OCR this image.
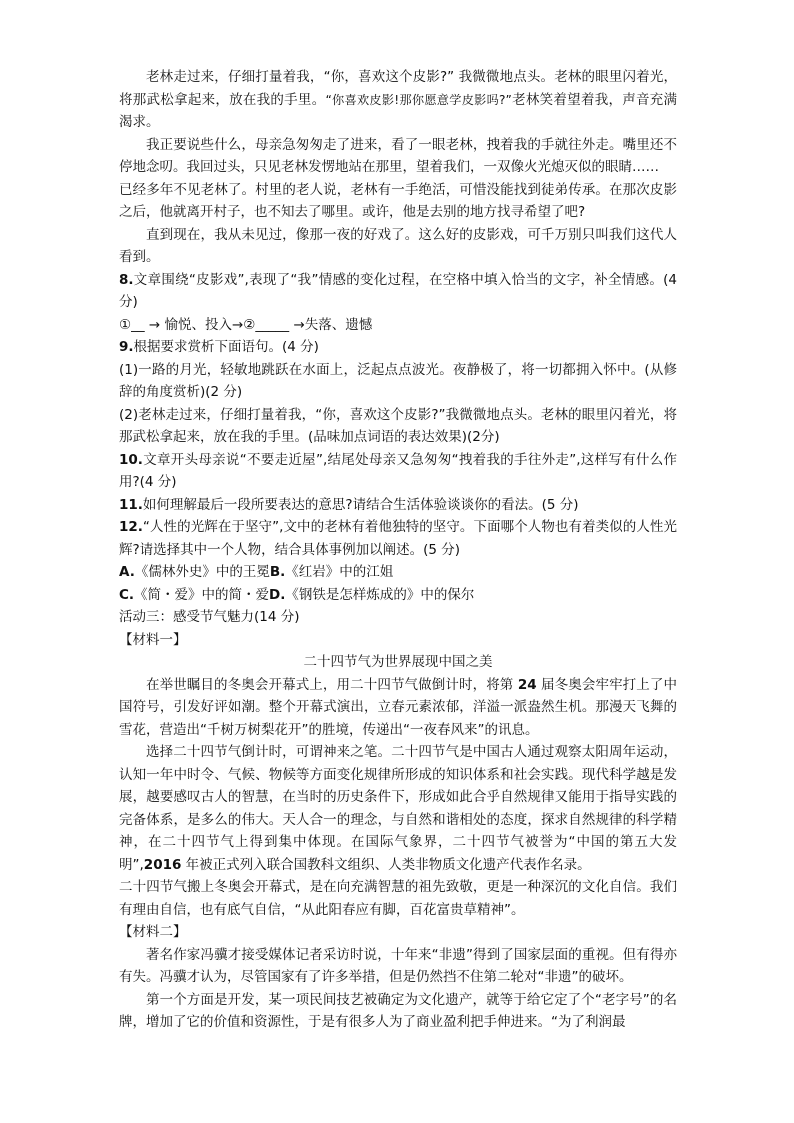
老林走过来，仔细打量着我，“你，喜欢这个皮影?” 我微微地点头。老林的眼里闪着光，将那武松拿起来，放在我的手里。“你喜欢皮影!那你愿意学皮影吗?”老林笑着望着我，声音充满渴求。

我正要说些什么，母亲急匆匆走了进来，看了一眼老林，拽着我的手就往外走。嘴里还不停地念叨。我回过头，只见老林发愣地站在那里，望着我们，一双像火光熄灭似的眼睛……

已经多年不见老林了。村里的老人说，老林有一手绝活，可惜没能找到徒弟传承。在那次皮影之后，他就离开村子，也不知去了哪里。或许，他是去别的地方找寻希望了吧?

直到现在，我从未见过，像那一夜的好戏了。这么好的皮影戏，可千万别只叫我们这代人看到。

8.文章围绕“皮影戏”,表现了“我”情感的变化过程，在空格中填入恰当的文字，补全情感。(4 分)

①__ → 愉悦、投入→②_____ →失落、遗憾

9.根据要求赏析下面语句。(4 分)

(1)一路的月光，轻敏地跳跃在水面上，泛起点点波光。夜静极了，将一切都拥入怀中。(从修辞的角度赏析)(2 分)

(2)老林走过来，仔细打量着我，“你，喜欢这个皮影?”我微微地点头。老林的眼里闪着光，将那武松拿起来，放在我的手里。(品味加点词语的表达效果)(2分)

10.文章开头母亲说“不要走近屋”,结尾处母亲又急匆匆“拽着我的手往外走”,这样写有什么作用?(4 分)

11.如何理解最后一段所要表达的意思?请结合生活体验谈谈你的看法。(5 分)

12.“人性的光辉在于坚守”,文中的老林有着他独特的坚守。下面哪个人物也有着类似的人性光辉?请选择其中一个人物，结合具体事例加以阐述。(5 分)

A.《儒林外史》中的王冕B.《红岩》中的江姐

C.《简・爱》中的简・爱D.《钢铁是怎样炼成的》中的保尔

活动三：感受节气魅力(14 分)

【材料一】

二十四节气为世界展现中国之美

在举世瞩目的冬奥会开幕式上，用二十四节气做倒计时，将第 24 届冬奥会牢牢打上了中国符号，引发好评如潮。整个开幕式演出，立春元素浓郁，洋溢一派盎然生机。那漫天飞舞的雪花，营造出“千树万树梨花开”的胜境，传递出“一夜春风来”的讯息。

选择二十四节气倒计时，可谓神来之笔。二十四节气是中国古人通过观察太阳周年运动，认知一年中时令、气候、物候等方面变化规律所形成的知识体系和社会实践。现代科学越是发展，越要感叹古人的智慧，在当时的历史条件下，形成如此合乎自然规律又能用于指导实践的完备体系，是多么的伟大。天人合一的理念，与自然和谐相处的态度，探求自然规律的科学精神，在二十四节气上得到集中体现。在国际气象界，二十四节气被誉为“中国的第五大发明”,2016 年被正式列入联合国教科文组织、人类非物质文化遗产代表作名录。

二十四节气搬上冬奥会开幕式，是在向充满智慧的祖先致敬，更是一种深沉的文化自信。我们有理由自信，也有底气自信，“从此阳春应有脚，百花富贵草精神”。

【材料二】

著名作家冯骥才接受媒体记者采访时说，十年来“非遗”得到了国家层面的重视。但有得亦有失。冯骥才认为，尽管国家有了许多举措，但是仍然挡不住第二轮对“非遗”的破坏。

第一个方面是开发，某一项民间技艺被确定为文化遗产，就等于给它定了个“老字号”的名牌，增加了它的价值和资源性，于是有很多人为了商业盈利把手伸进来。“为了利润最
